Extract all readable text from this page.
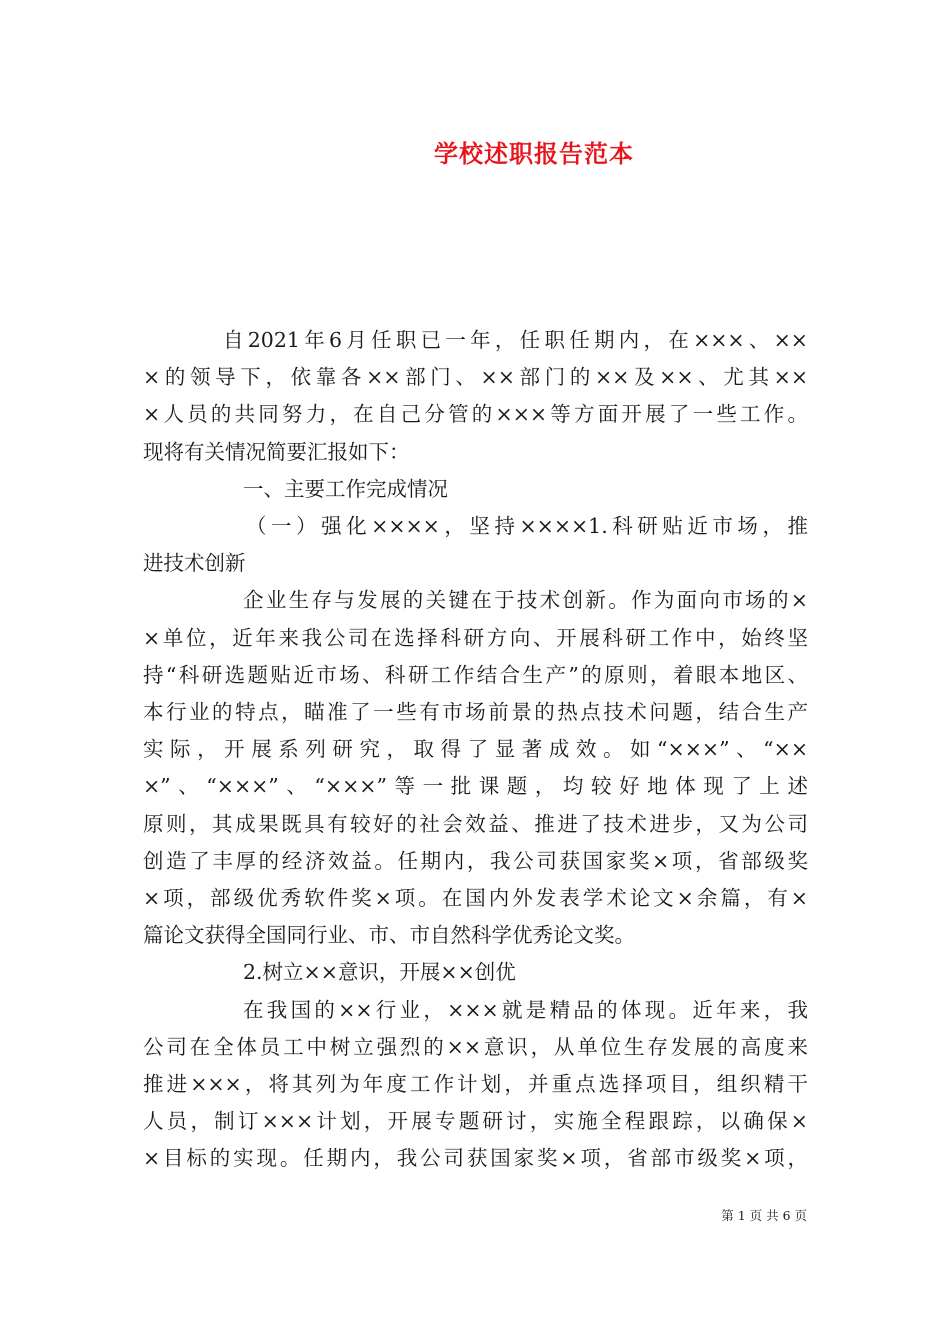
学校述职报告范本
自2021年6月任职已一年，任职任期内，在×××、××
×的领导下，依靠各××部门、××部门的××及××、尤其××
×人员的共同努力，在自己分管的×××等方面开展了一些工作。
现将有关情况简要汇报如下：
一、主要工作完成情况
（一）强化××××，坚持××××1.科研贴近市场，推
进技术创新
企业生存与发展的关键在于技术创新。作为面向市场的×
×单位，近年来我公司在选择科研方向、开展科研工作中，始终坚
持“科研选题贴近市场、科研工作结合生产”的原则，着眼本地区、
本行业的特点，瞄准了一些有市场前景的热点技术问题，结合生产
实际，开展系列研究，取得了显著成效。如“×××”、“××
×”、“×××”、“×××”等一批课题，均较好地体现了上述
原则，其成果既具有较好的社会效益、推进了技术进步，又为公司
创造了丰厚的经济效益。任期内，我公司获国家奖×项，省部级奖
×项，部级优秀软件奖×项。在国内外发表学术论文×余篇，有×
篇论文获得全国同行业、市、市自然科学优秀论文奖。
2.树立××意识，开展××创优
在我国的××行业，×××就是精品的体现。近年来，我
公司在全体员工中树立强烈的××意识，从单位生存发展的高度来
推进×××，将其列为年度工作计划，并重点选择项目，组织精干
人员，制订×××计划，开展专题研讨，实施全程跟踪，以确保×
×目标的实现。任期内，我公司获国家奖×项，省部市级奖×项，
第 1 页 共 6 页
